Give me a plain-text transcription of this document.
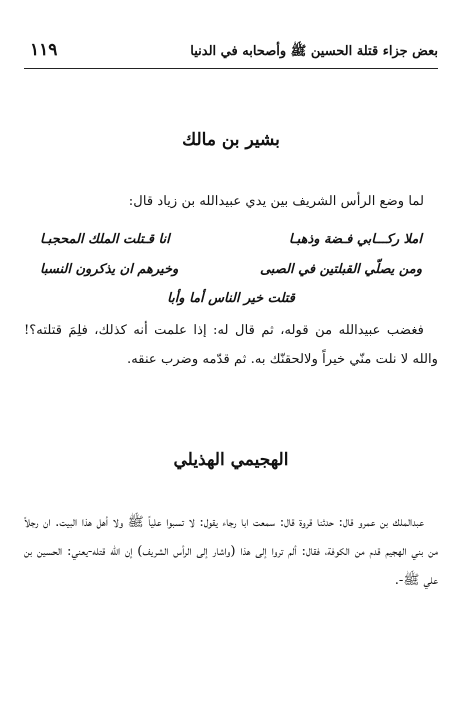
بعض جزاء قتلة الحسين ﷺ وأصحابه في الدنيا
١١٩
بشير بن مالك
لما وضع الرأس الشريف بين يدي عبيدالله بن زياد قال:
املا ركـــابي فـضة وذهبـا
انا قـتلت الملك المحجبـا
ومن يصلّي القبلتين في الصبى
وخيرهم ان يذكرون النسبا
قتلت خير الناس أما وأبا
فغضب عبيدالله من قوله، ثم قال له: إذا علمت أنه كذلك، فلِمَ قتلته؟! والله لا نلت منّي خيراً ولالحقنّك به. ثم قدّمه وضرب عنقه.
الهجيمي الهذيلي
عبدالملك بن عمرو قال: حدثنا قروة قال: سمعت ابا رجاء يقول: لا تسبوا علياً ﷺ ولا أهل هذا البيت. ان رجلاً من بني الهجيم قدم من الكوفة، فقال: ألم تروا إلى هذا (واشار إلى الرأس الشريف) إن الله قتله-يعني: الحسين بن علي ﷺ-.
